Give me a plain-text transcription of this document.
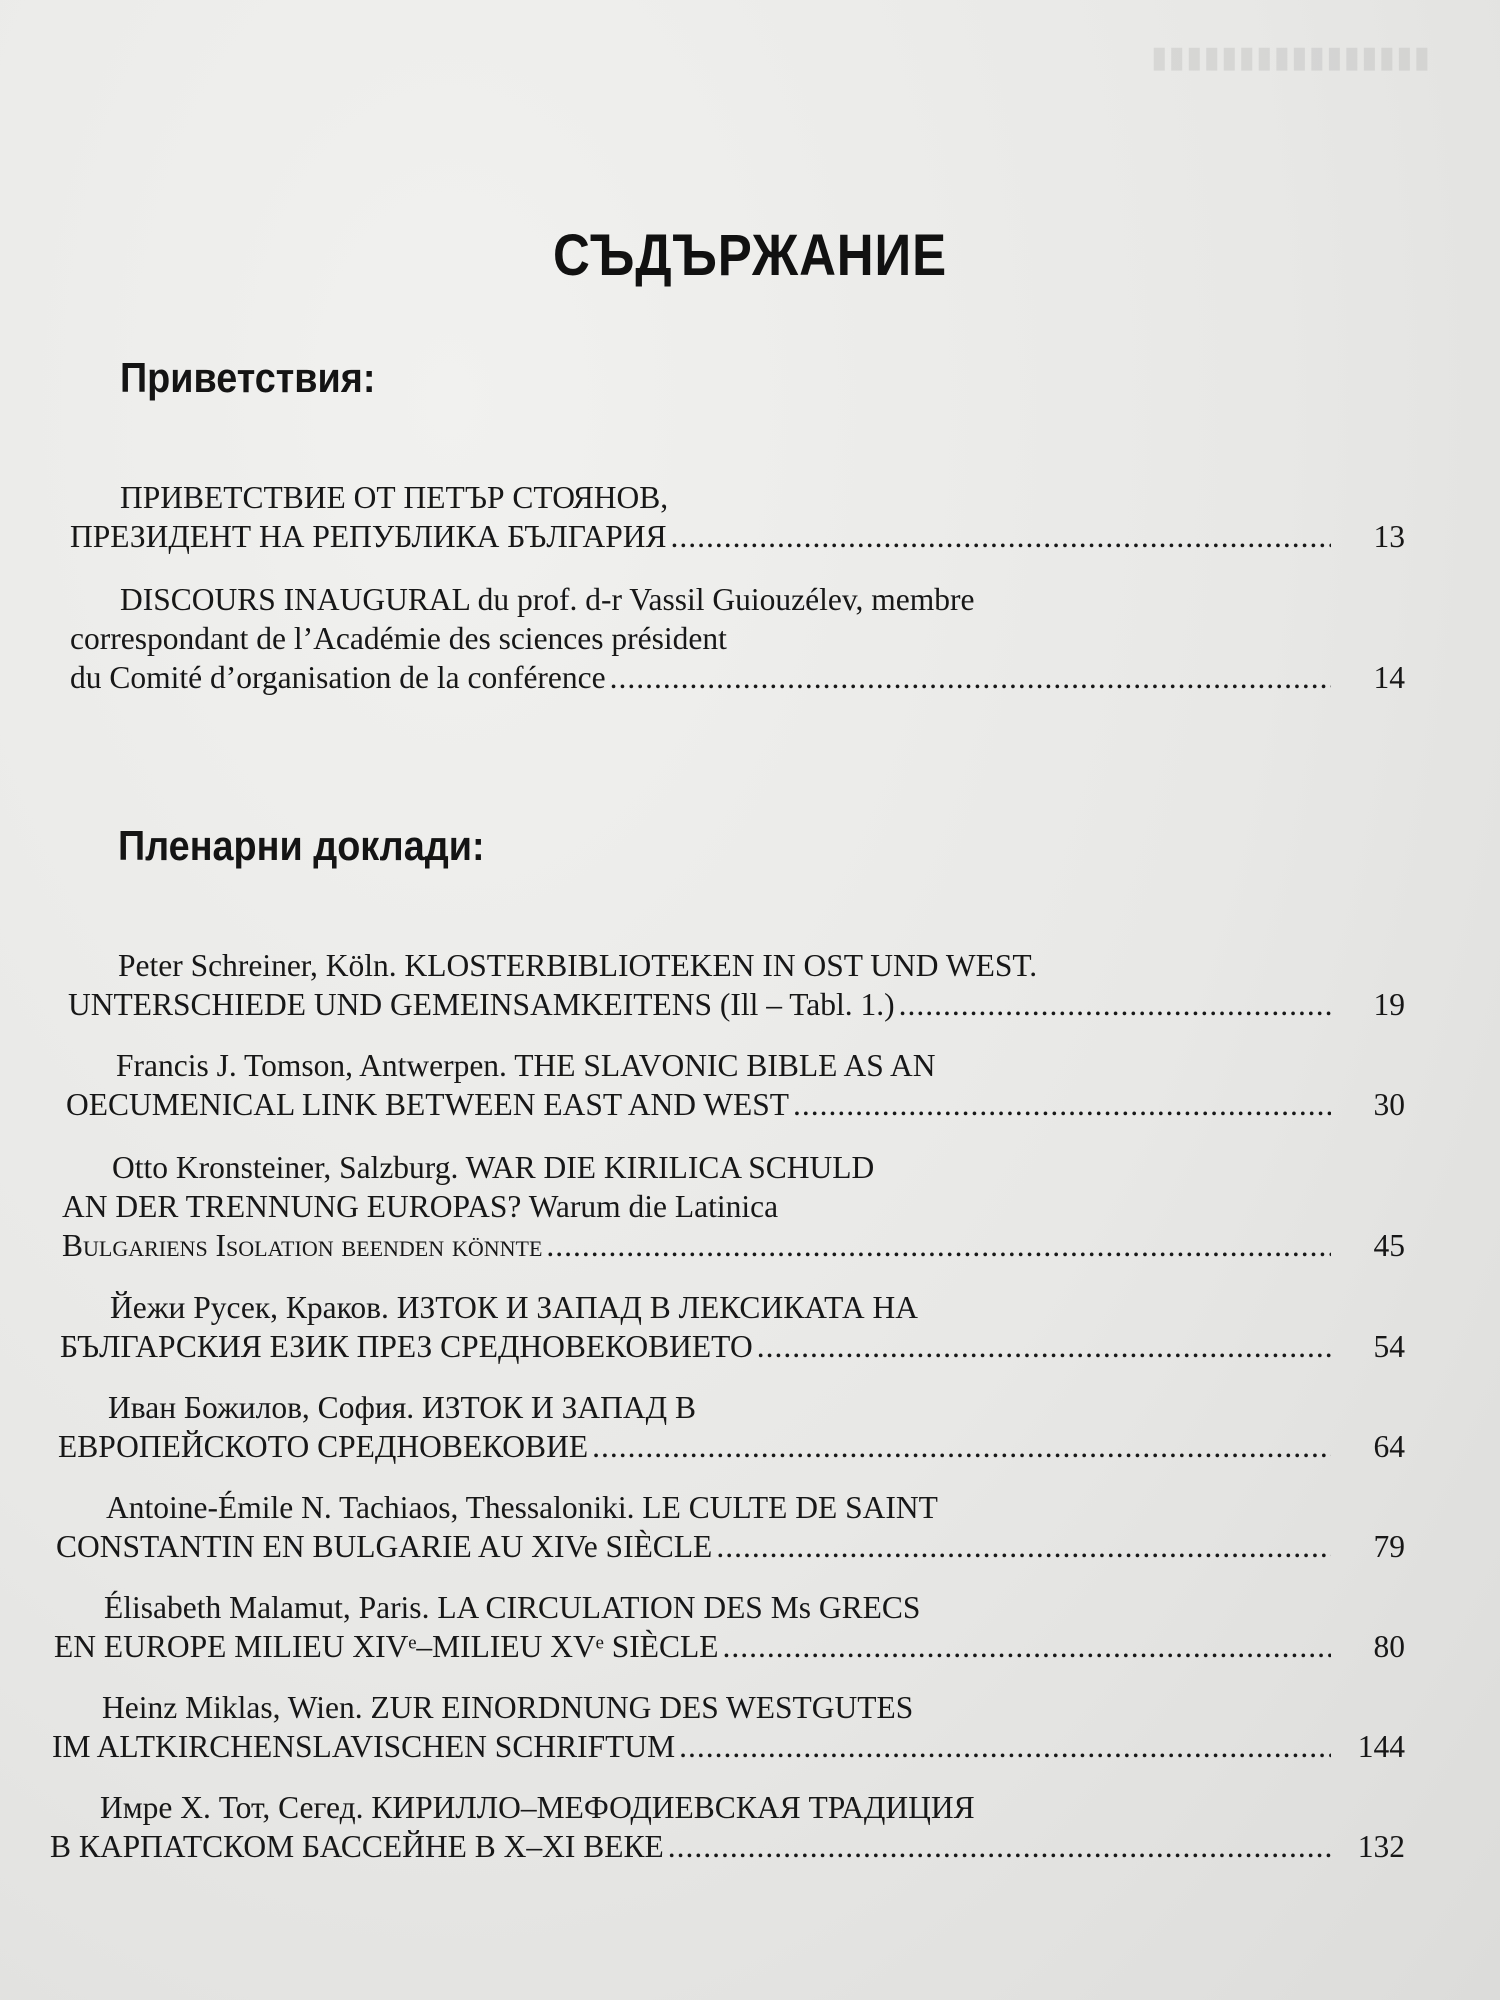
▮▮▮▮▮▮▮▮▮▮▮▮▮▮▮▮
СЪДЪРЖАНИЕ
Приветствия:
ПРИВЕТСТВИЕ ОТ ПЕТЪР СТОЯНОВ,
ПРЕЗИДЕНТ НА РЕПУБЛИКА БЪЛГАРИЯ .....	13
DISCOURS INAUGURAL du prof. d-r Vassil Guiouzélev, membre
correspondant de l’Académie des sciences président
du Comité d’organisation de la conférence .....	14
Пленарни доклади:
Peter Schreiner, Köln. KLOSTERBIBLIOTEKEN IN OST UND WEST.
UNTERSCHIEDE UND GEMEINSAMKEITENS (Ill – Tabl. 1.) .....	19
Francis J. Tomson, Antwerpen. THE SLAVONIC BIBLE AS AN
OECUMENICAL LINK BETWEEN EAST AND WEST .....	30
Otto Kronsteiner, Salzburg. WAR DIE KIRILICA SCHULD
AN DER TRENNUNG EUROPAS? Warum die Latinica
Bulgariens Isolation beenden könnte .....	45
Йежи Русек, Краков. ИЗТОК И ЗАПАД В ЛЕКСИКАТА НА
БЪЛГАРСКИЯ ЕЗИК ПРЕЗ СРЕДНОВЕКОВИЕТО .....	54
Иван Божилов, София. ИЗТОК И ЗАПАД В
ЕВРОПЕЙСКОТО СРЕДНОВЕКОВИЕ .....	64
Antoine-Émile N. Tachiaos, Thessaloniki. LE CULTE DE SAINT
CONSTANTIN EN BULGARIE AU XIVe SIÈCLE .....	79
Élisabeth Malamut, Paris. LA CIRCULATION DES Ms GRECS
EN EUROPE MILIEU XIVᵉ–MILIEU XVᵉ SIÈCLE .....	80
Heinz Miklas, Wien. ZUR EINORDNUNG DES WESTGUTES
IM ALTKIRCHENSLAVISCHEN SCHRIFTUM .....	144
Имре Х. Тот, Сегед. КИРИЛЛО–МЕФОДИЕВСКАЯ ТРАДИЦИЯ
В КАРПАТСКОМ БАССЕЙНЕ В Х–ХI ВЕКЕ .....	132
